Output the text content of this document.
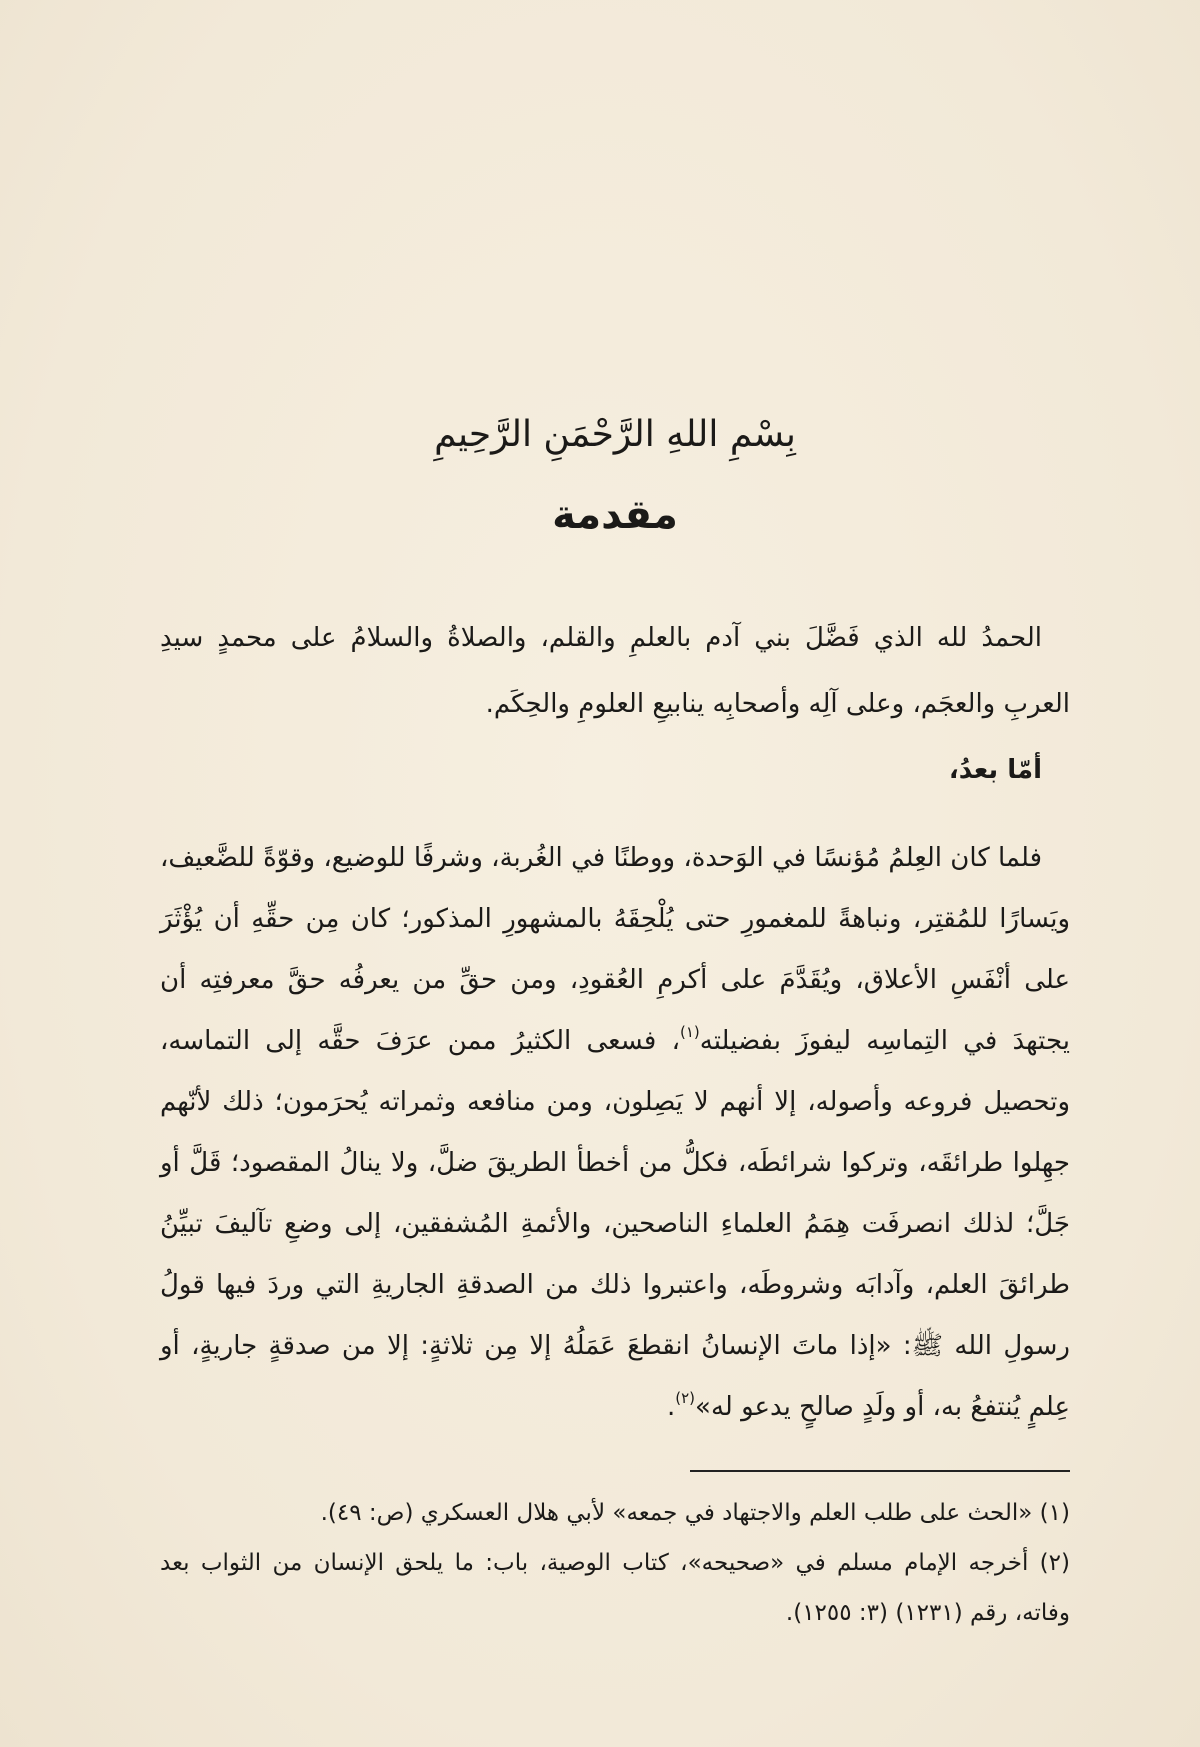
بِسْمِ اللهِ الرَّحْمَنِ الرَّحِيمِ

مقدمة

الحمدُ لله الذي فَضَّلَ بني آدم بالعلمِ والقلم، والصلاةُ والسلامُ على محمدٍ سيدِ العربِ والعجَم، وعلى آلِه وأصحابِه ينابيعِ العلومِ والحِكَم.

أمّا بعدُ،

فلما كان العِلمُ مُؤنسًا في الوَحدة، ووطنًا في الغُربة، وشرفًا للوضيع، وقوّةً للضَّعيف، ويَسارًا للمُقتِر، ونباهةً للمغمورِ حتى يُلْحِقَهُ بالمشهورِ المذكور؛ كان مِن حقِّهِ أن يُؤْثَرَ على أنْفَسِ الأعلاق، ويُقَدَّمَ على أكرمِ العُقودِ، ومن حقِّ من يعرفُه حقَّ معرفتِه أن يجتهدَ في التِماسِه ليفوزَ بفضيلته$^{(١)}$، فسعى الكثيرُ ممن عرَفَ حقَّه إلى التماسه، وتحصيل فروعه وأصوله، إلا أنهم لا يَصِلون، ومن منافعه وثمراته يُحرَمون؛ ذلك لأنّهم جهِلوا طرائقَه، وتركوا شرائطَه، فكلُّ من أخطأ الطريقَ ضلَّ، ولا ينالُ المقصود؛ قَلَّ أو جَلَّ؛ لذلك انصرفَت هِمَمُ العلماءِ الناصحين، والأئمةِ المُشفقين، إلى وضعِ تآليفَ تبيِّنُ طرائقَ العلم، وآدابَه وشروطَه، واعتبروا ذلك من الصدقةِ الجاريةِ التي وردَ فيها قولُ رسولِ الله ﷺ: «إذا ماتَ الإنسانُ انقطعَ عَمَلُهُ إلا مِن ثلاثةٍ: إلا من صدقةٍ جاريةٍ، أو عِلمٍ يُنتفعُ به، أو ولَدٍ صالحٍ يدعو له»$^{(٢)}$.

(١) «الحث على طلب العلم والاجتهاد في جمعه» لأبي هلال العسكري (ص: ٤٩).

(٢) أخرجه الإمام مسلم في «صحيحه»، كتاب الوصية، باب: ما يلحق الإنسان من الثواب بعد وفاته، رقم (١٢٣١) (٣: ١٢٥٥).
